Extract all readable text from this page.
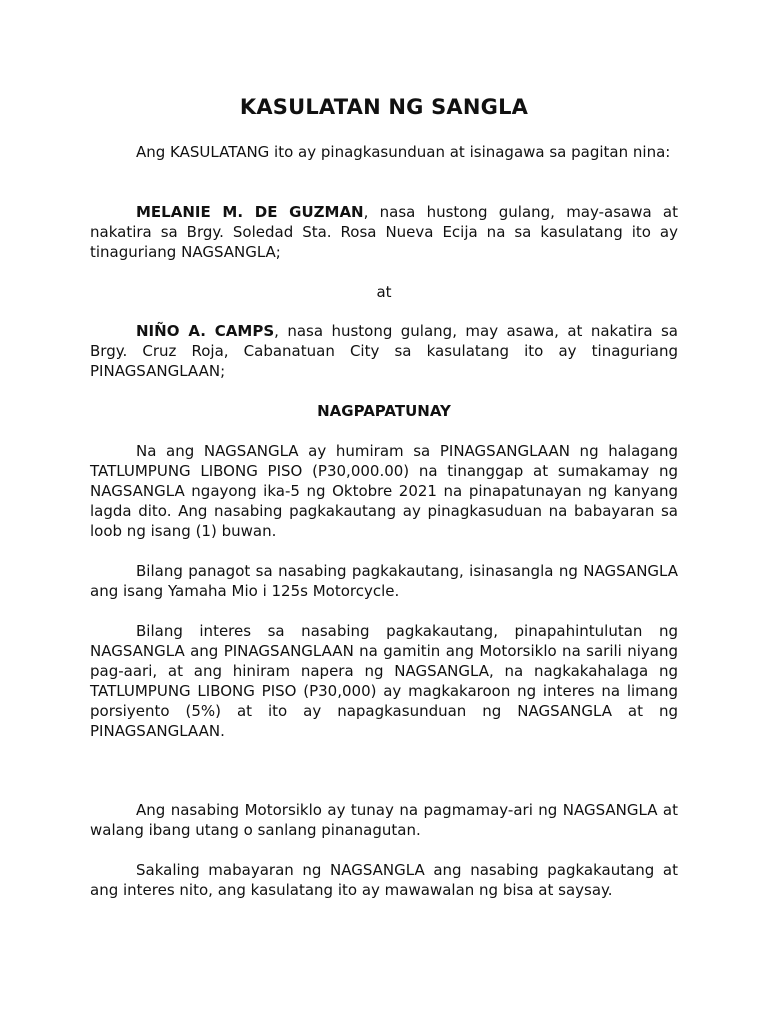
KASULATAN NG SANGLA

Ang KASULATANG ito ay pinagkasunduan at isinagawa sa pagitan nina:

MELANIE M. DE GUZMAN, nasa hustong gulang, may-asawa at nakatira sa Brgy. Soledad Sta. Rosa Nueva Ecija na sa kasulatang ito ay tinaguriang NAGSANGLA;

at

NIÑO A. CAMPS, nasa hustong gulang, may asawa, at nakatira sa Brgy. Cruz Roja, Cabanatuan City sa kasulatang ito ay tinaguriang PINAGSANGLAAN;

NAGPAPATUNAY

Na ang NAGSANGLA ay humiram sa PINAGSANGLAAN ng halagang TATLUMPUNG LIBONG PISO (P30,000.00) na tinanggap at sumakamay ng NAGSANGLA ngayong ika-5 ng Oktobre 2021 na pinapatunayan ng kanyang lagda dito. Ang nasabing pagkakautang ay pinagkasuduan na babayaran sa loob ng isang (1) buwan.

Bilang panagot sa nasabing pagkakautang, isinasangla ng NAGSANGLA ang isang Yamaha Mio i 125s Motorcycle.

Bilang interes sa nasabing pagkakautang, pinapahintulutan ng NAGSANGLA ang PINAGSANGLAAN na gamitin ang Motorsiklo na sarili niyang pag-aari, at ang hiniram napera ng NAGSANGLA, na nagkakahalaga ng TATLUMPUNG LIBONG PISO (P30,000) ay magkakaroon ng interes na limang porsiyento (5%) at ito ay napagkasunduan ng NAGSANGLA at ng PINAGSANGLAAN.

Ang nasabing Motorsiklo ay tunay na pagmamay-ari ng NAGSANGLA at walang ibang utang o sanlang pinanagutan.

Sakaling mabayaran ng NAGSANGLA ang nasabing pagkakautang at ang interes nito, ang kasulatang ito ay mawawalan ng bisa at saysay.
